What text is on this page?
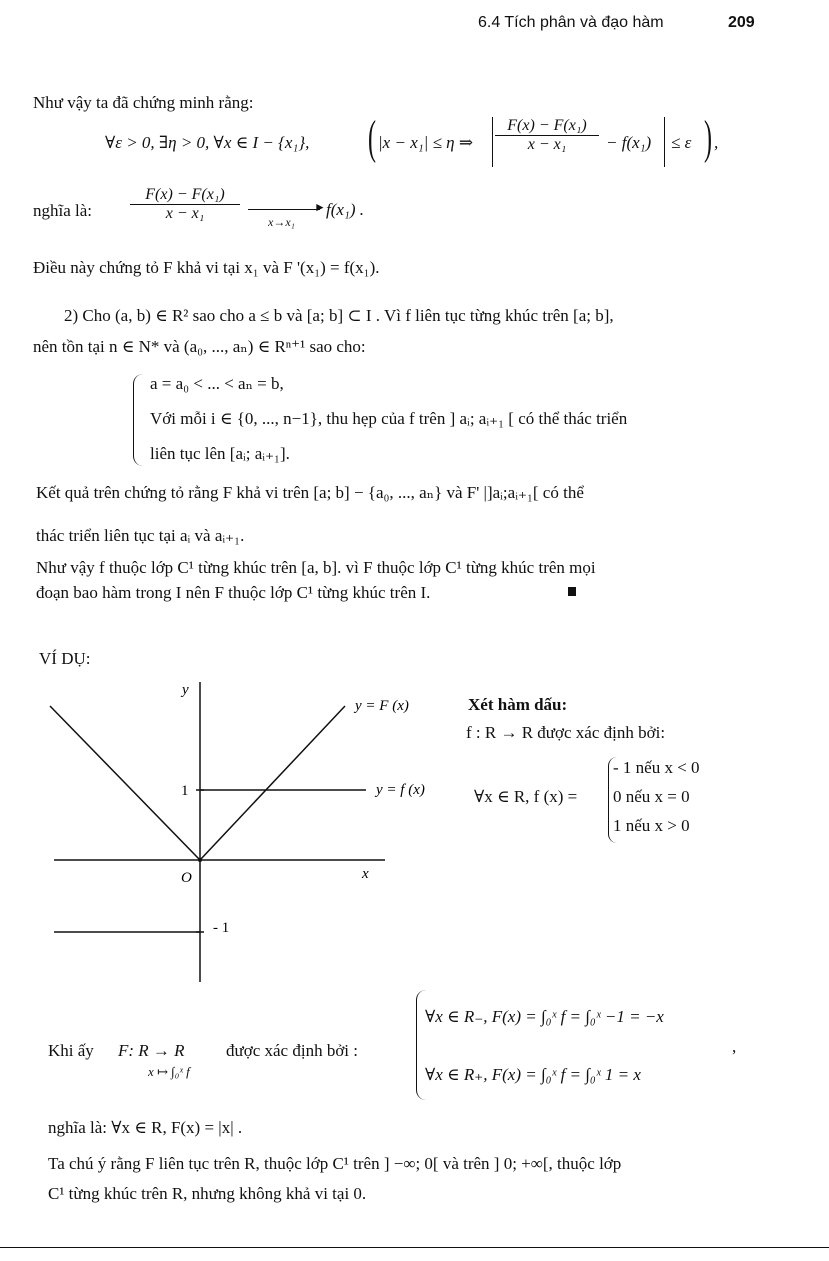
6.4 Tích phân và đạo hàm	209
Như vậy ta đã chứng minh rằng:
∀ε > 0, ∃η > 0, ∀x ∈ I − {x₁}, ( |x − x₁| ≤ η ⇒ $\frac{\text{F(x) − F(x₁)}}{\text{x − x₁}} - f(x_1) \le \varepsilon$ ) ,
nghĩa là: $\frac{\text{F(x) − F(x₁)}}{\text{x − x₁}}$	►
x→x₁
f(x₁) .
Điều này chứng tỏ F khả vi tại x₁ và F '(x₁) = f(x₁).
2) Cho (a, b) ∈ R² sao cho a ≤ b và [a; b] ⊂ I . Vì f liên tục từng khúc trên [a; b],
nên tồn tại n ∈ N* và (a₀, ..., aₙ) ∈ Rⁿ⁺¹ sao cho:
a = a₀ < ... < aₙ = b,
Với mỗi i ∈ {0, ..., n−1}, thu hẹp của f trên ] aᵢ; aᵢ₊₁ [ có thể thác triển
liên tục lên [aᵢ; aᵢ₊₁].
Kết quả trên chứng tỏ rằng F khả vi trên [a; b] − {a₀, ..., aₙ} và F' |]aᵢ;aᵢ₊₁[ có thể
thác triển liên tục tại aᵢ và aᵢ₊₁.
Như vậy f thuộc lớp C¹ từng khúc trên [a, b]. vì F thuộc lớp C¹ từng khúc trên mọi
đoạn bao hàm trong I nên F thuộc lớp C¹ từng khúc trên I.
VÍ DỤ:
y
x
O
1
- 1
y = F (x)
y = f (x)
Xét hàm dấu:
f : R → R được xác định bởi:
∀x ∈ R, f (x) =
- 1 nếu x < 0
0 nếu x = 0
1 nếu x > 0
Khi ấy F: R → R
x ↦ ∫₀ˣ f
được xác định bởi :
∀x ∈ R₋, F(x) = ∫₀ˣ f = ∫₀ˣ −1 = −x
∀x ∈ R₊, F(x) = ∫₀ˣ f = ∫₀ˣ 1 = x
,
nghĩa là: ∀x ∈ R, F(x) = |x| .
Ta chú ý rằng F liên tục trên R, thuộc lớp C¹ trên ] −∞; 0[ và trên ] 0; +∞[, thuộc lớp
C¹ từng khúc trên R, nhưng không khả vi tại 0.
